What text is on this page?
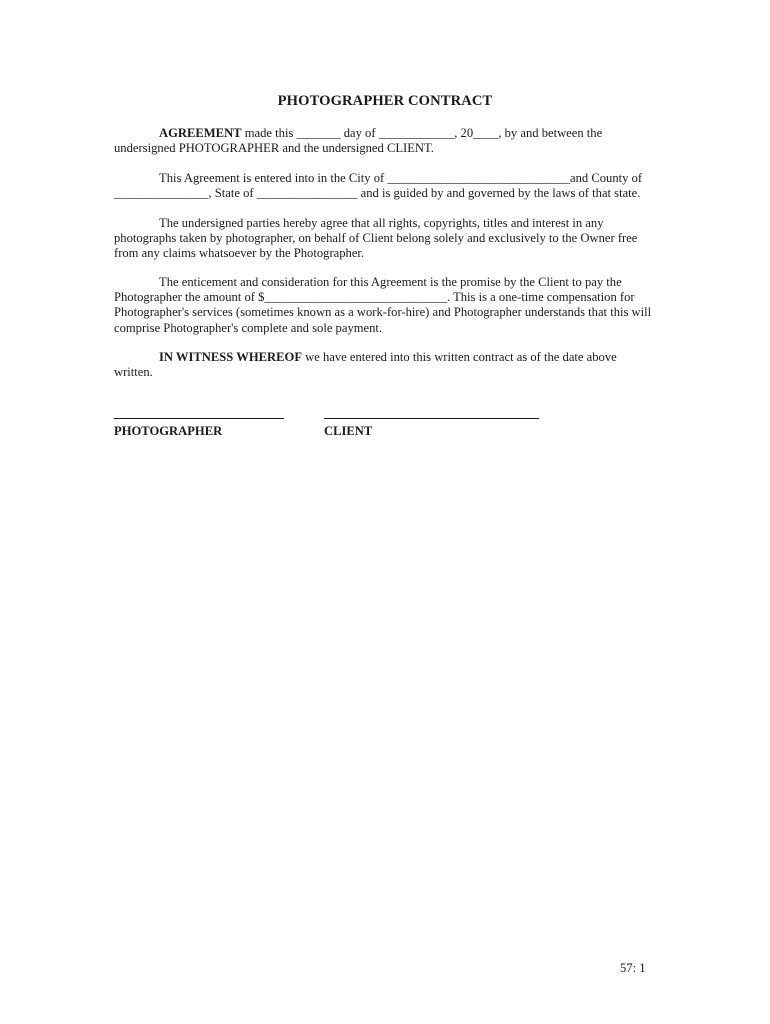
PHOTOGRAPHER CONTRACT
AGREEMENT made this _______ day of ____________, 20____, by and between the
undersigned PHOTOGRAPHER and the undersigned CLIENT.
This Agreement is entered into in the City of _____________________________and County of
_______________, State of ________________ and is guided by and governed by the laws of that state.
The undersigned parties hereby agree that all rights, copyrights, titles and interest in any
photographs taken by photographer, on behalf of Client belong solely and exclusively to the Owner free
from any claims whatsoever by the Photographer.
The enticement and consideration for this Agreement is the promise by the Client to pay the
Photographer the amount of $_____________________________. This is a one-time compensation for
Photographer's services (sometimes known as a work-for-hire) and Photographer understands that this will
comprise Photographer's complete and sole payment.
IN WITNESS WHEREOF we have entered into this written contract as of the date above
written.
PHOTOGRAPHER	CLIENT
57: 1
